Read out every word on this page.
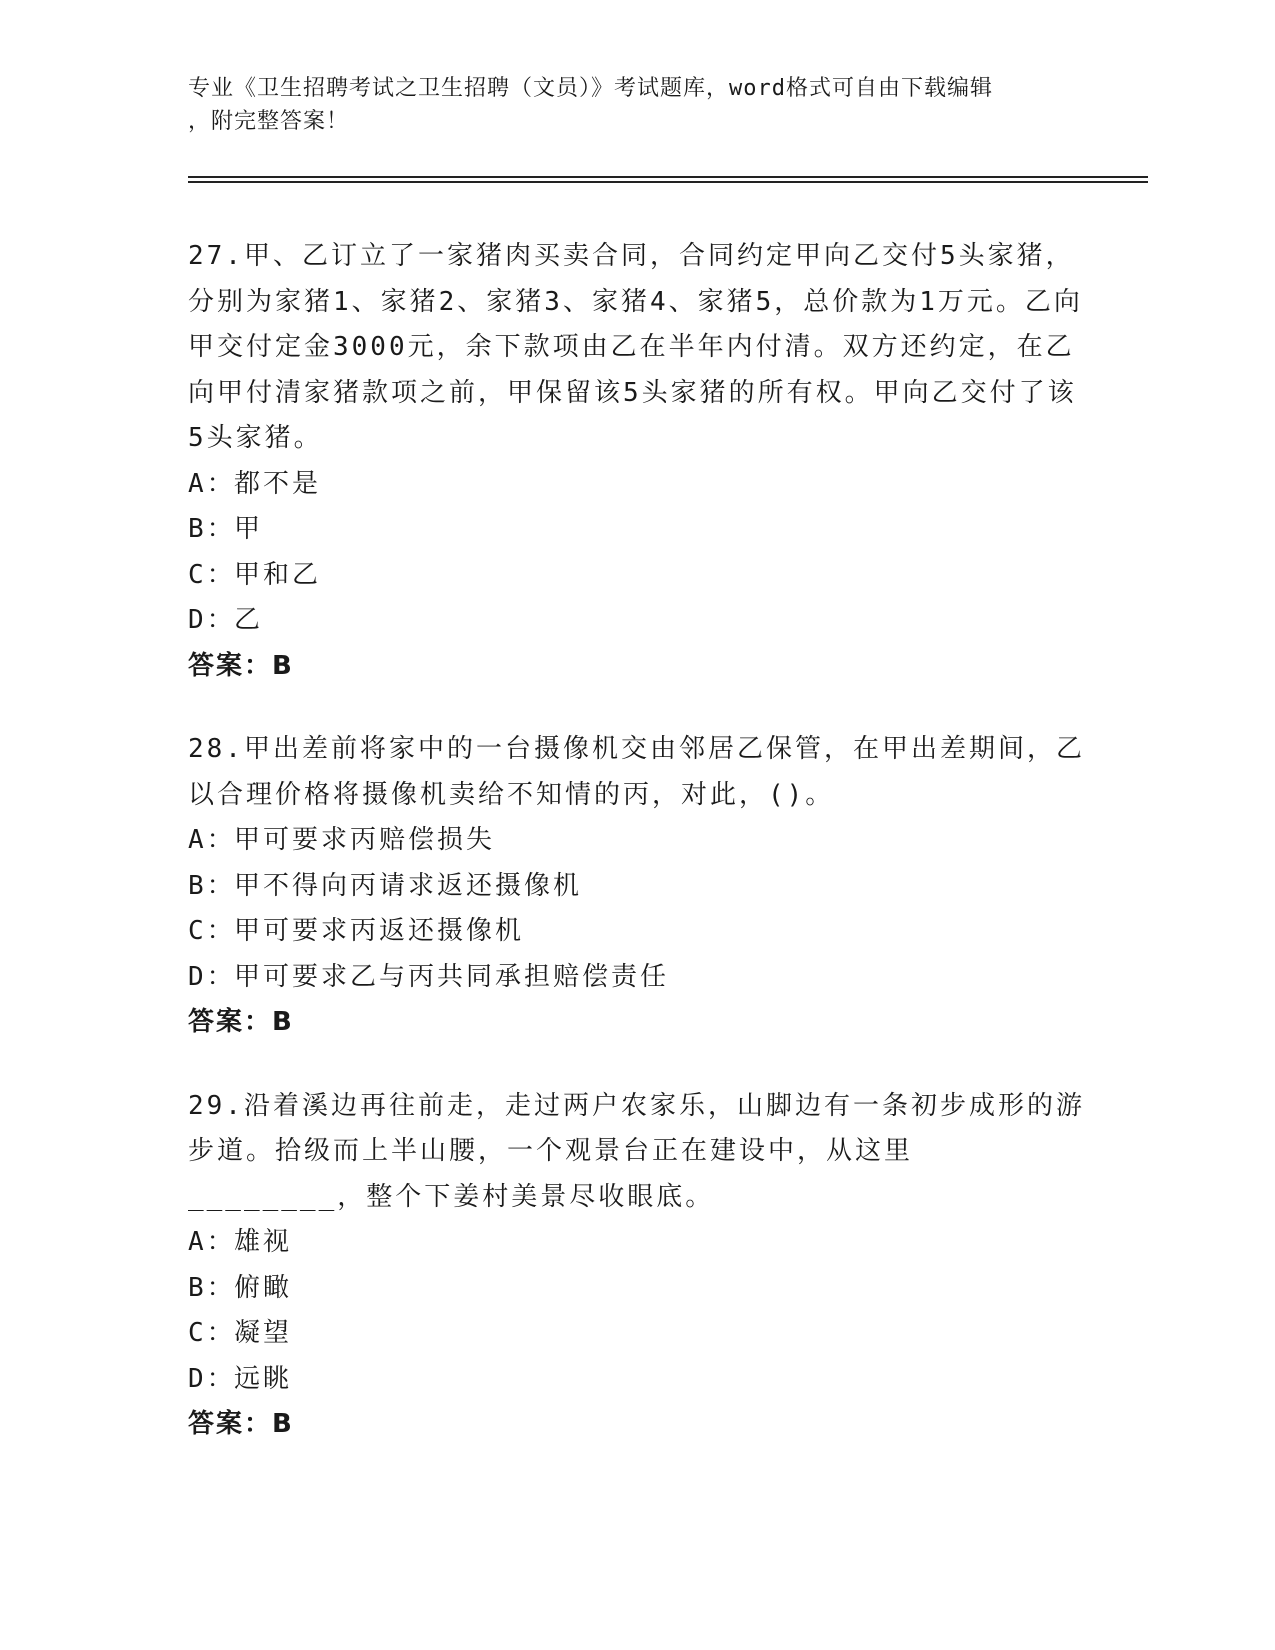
专业《卫生招聘考试之卫生招聘（文员）》考试题库，word格式可自由下载编辑
，附完整答案！

27.甲、乙订立了一家猪肉买卖合同，合同约定甲向乙交付5头家猪，分别为家猪1、家猪2、家猪3、家猪4、家猪5，总价款为1万元。乙向甲交付定金3000元，余下款项由乙在半年内付清。双方还约定，在乙向甲付清家猪款项之前，甲保留该5头家猪的所有权。甲向乙交付了该5头家猪。

A：都不是

B：甲

C：甲和乙

D：乙

答案：B

28.甲出差前将家中的一台摄像机交由邻居乙保管，在甲出差期间，乙以合理价格将摄像机卖给不知情的丙，对此，()。

A：甲可要求丙赔偿损失

B：甲不得向丙请求返还摄像机

C：甲可要求丙返还摄像机

D：甲可要求乙与丙共同承担赔偿责任

答案：B

29.沿着溪边再往前走，走过两户农家乐，山脚边有一条初步成形的游步道。拾级而上半山腰，一个观景台正在建设中，从这里________，整个下姜村美景尽收眼底。

A：雄视

B：俯瞰

C：凝望

D：远眺

答案：B
